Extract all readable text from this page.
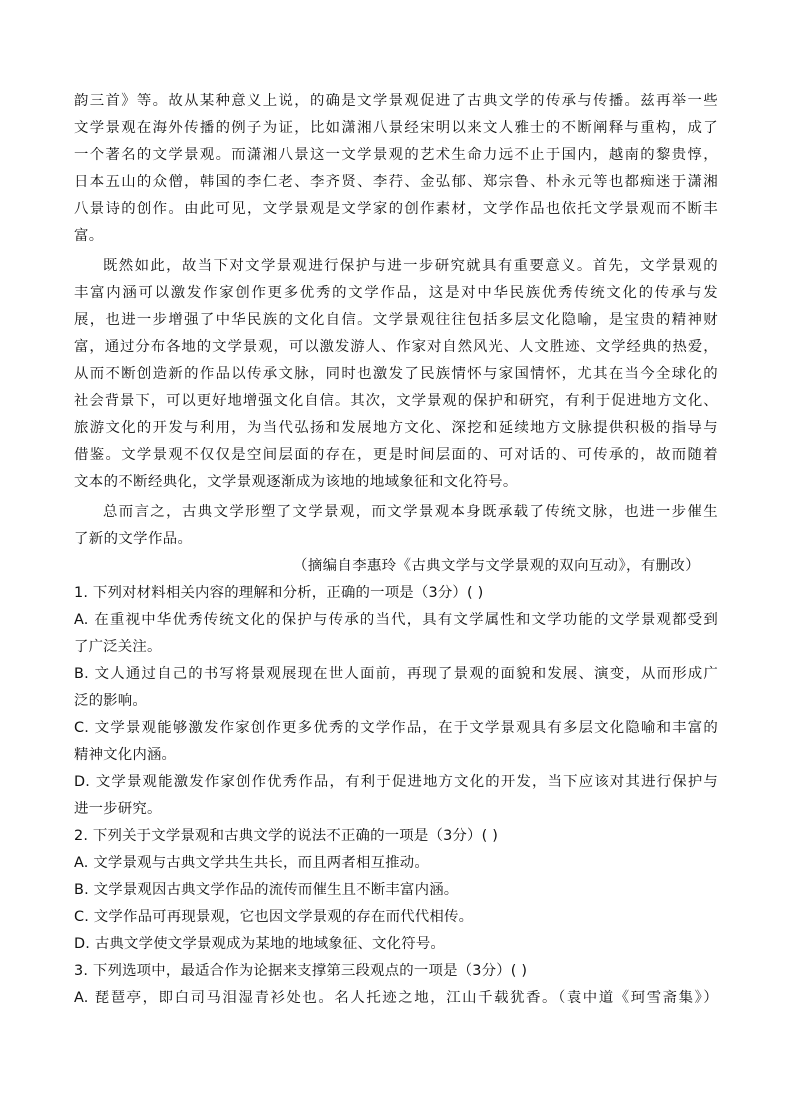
韵三首》等。故从某种意义上说，的确是文学景观促进了古典文学的传承与传播。兹再举一些
文学景观在海外传播的例子为证，比如潇湘八景经宋明以来文人雅士的不断阐释与重构，成了
一个著名的文学景观。而潇湘八景这一文学景观的艺术生命力远不止于国内，越南的黎贵惇，
日本五山的众僧，韩国的李仁老、李齐贤、李荇、金弘郁、郑宗鲁、朴永元等也都痴迷于潇湘
八景诗的创作。由此可见，文学景观是文学家的创作素材，文学作品也依托文学景观而不断丰
富。
既然如此，故当下对文学景观进行保护与进一步研究就具有重要意义。首先，文学景观的
丰富内涵可以激发作家创作更多优秀的文学作品，这是对中华民族优秀传统文化的传承与发
展，也进一步增强了中华民族的文化自信。文学景观往往包括多层文化隐喻，是宝贵的精神财
富，通过分布各地的文学景观，可以激发游人、作家对自然风光、人文胜迹、文学经典的热爱，
从而不断创造新的作品以传承文脉，同时也激发了民族情怀与家国情怀，尤其在当今全球化的
社会背景下，可以更好地增强文化自信。其次，文学景观的保护和研究，有利于促进地方文化、
旅游文化的开发与利用，为当代弘扬和发展地方文化、深挖和延续地方文脉提供积极的指导与
借鉴。文学景观不仅仅是空间层面的存在，更是时间层面的、可对话的、可传承的，故而随着
文本的不断经典化，文学景观逐渐成为该地的地域象征和文化符号。
总而言之，古典文学形塑了文学景观，而文学景观本身既承载了传统文脉，也进一步催生
了新的文学作品。
（摘编自李惠玲《古典文学与文学景观的双向互动》，有删改）
1. 下列对材料相关内容的理解和分析，正确的一项是（3分）( )
A. 在重视中华优秀传统文化的保护与传承的当代，具有文学属性和文学功能的文学景观都受到
了广泛关注。
B. 文人通过自己的书写将景观展现在世人面前，再现了景观的面貌和发展、演变，从而形成广
泛的影响。
C. 文学景观能够激发作家创作更多优秀的文学作品，在于文学景观具有多层文化隐喻和丰富的
精神文化内涵。
D. 文学景观能激发作家创作优秀作品，有利于促进地方文化的开发，当下应该对其进行保护与
进一步研究。
2. 下列关于文学景观和古典文学的说法不正确的一项是（3分）( )
A. 文学景观与古典文学共生共长，而且两者相互推动。
B. 文学景观因古典文学作品的流传而催生且不断丰富内涵。
C. 文学作品可再现景观，它也因文学景观的存在而代代相传。
D. 古典文学使文学景观成为某地的地域象征、文化符号。
3. 下列选项中，最适合作为论据来支撑第三段观点的一项是（3分）( )
A. 琵琶亭，即白司马泪湿青衫处也。名人托迹之地，江山千载犹香。（袁中道《珂雪斋集》）
